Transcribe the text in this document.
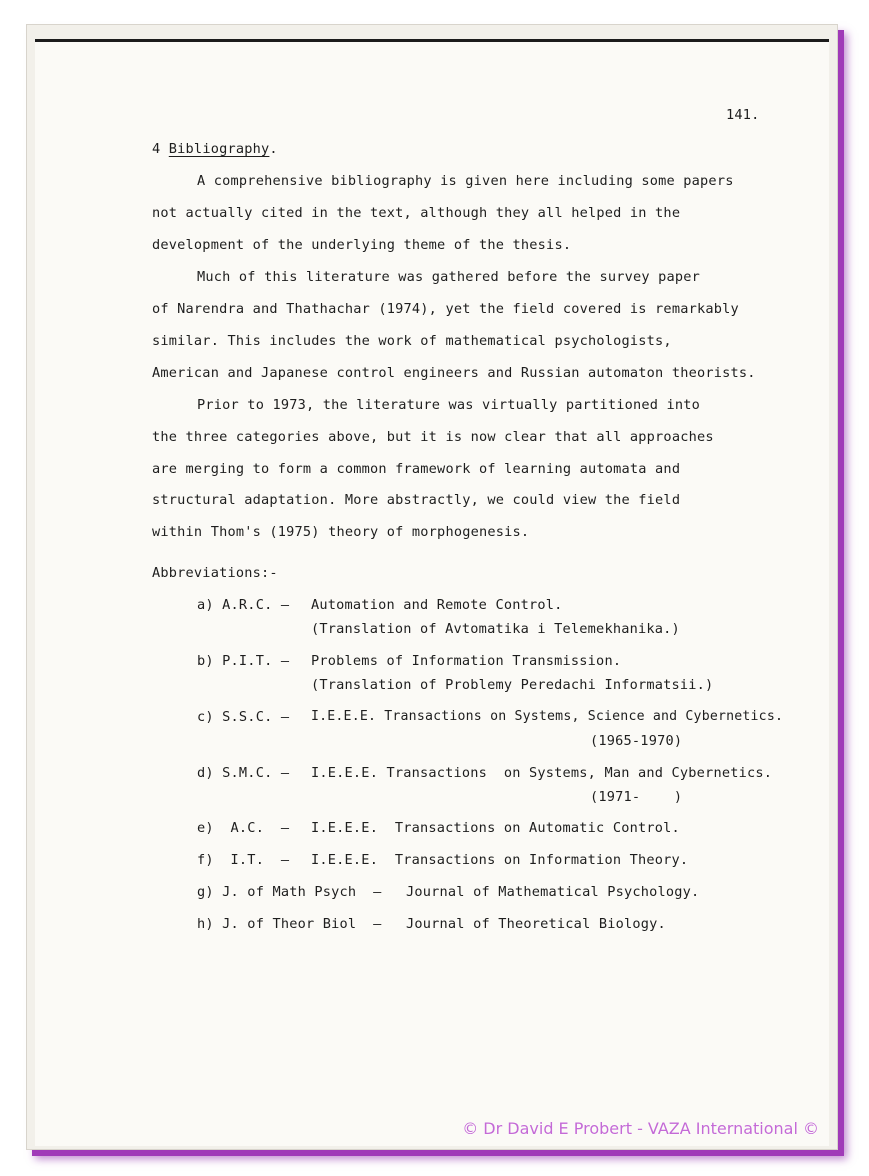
141.
4 Bibliography.
A comprehensive bibliography is given here including some papers
not actually cited in the text, although they all helped in the
development of the underlying theme of the thesis.
Much of this literature was gathered before the survey paper
of Narendra and Thathachar (1974), yet the field covered is remarkably
similar. This includes the work of mathematical psychologists,
American and Japanese control engineers and Russian automaton theorists.
Prior to 1973, the literature was virtually partitioned into
the three categories above, but it is now clear that all approaches
are merging to form a common framework of learning automata and
structural adaptation. More abstractly, we could view the field
within Thom's (1975) theory of morphogenesis.
Abbreviations:-
a) A.R.C. – Automation and Remote Control.
(Translation of Avtomatika i Telemekhanika.)
b) P.I.T. – Problems of Information Transmission.
(Translation of Problemy Peredachi Informatsii.)
c) S.S.C. – I.E.E.E. Transactions on Systems, Science and Cybernetics.
(1965-1970)
d) S.M.C. – I.E.E.E. Transactions  on Systems, Man and Cybernetics.
(1971-    )
e)  A.C.  – I.E.E.E.  Transactions on Automatic Control.
f)  I.T.  – I.E.E.E.  Transactions on Information Theory.
g) J. of Math Psych  – Journal of Mathematical Psychology.
h) J. of Theor Biol  – Journal of Theoretical Biology.
© Dr David E Probert - VAZA International ©
